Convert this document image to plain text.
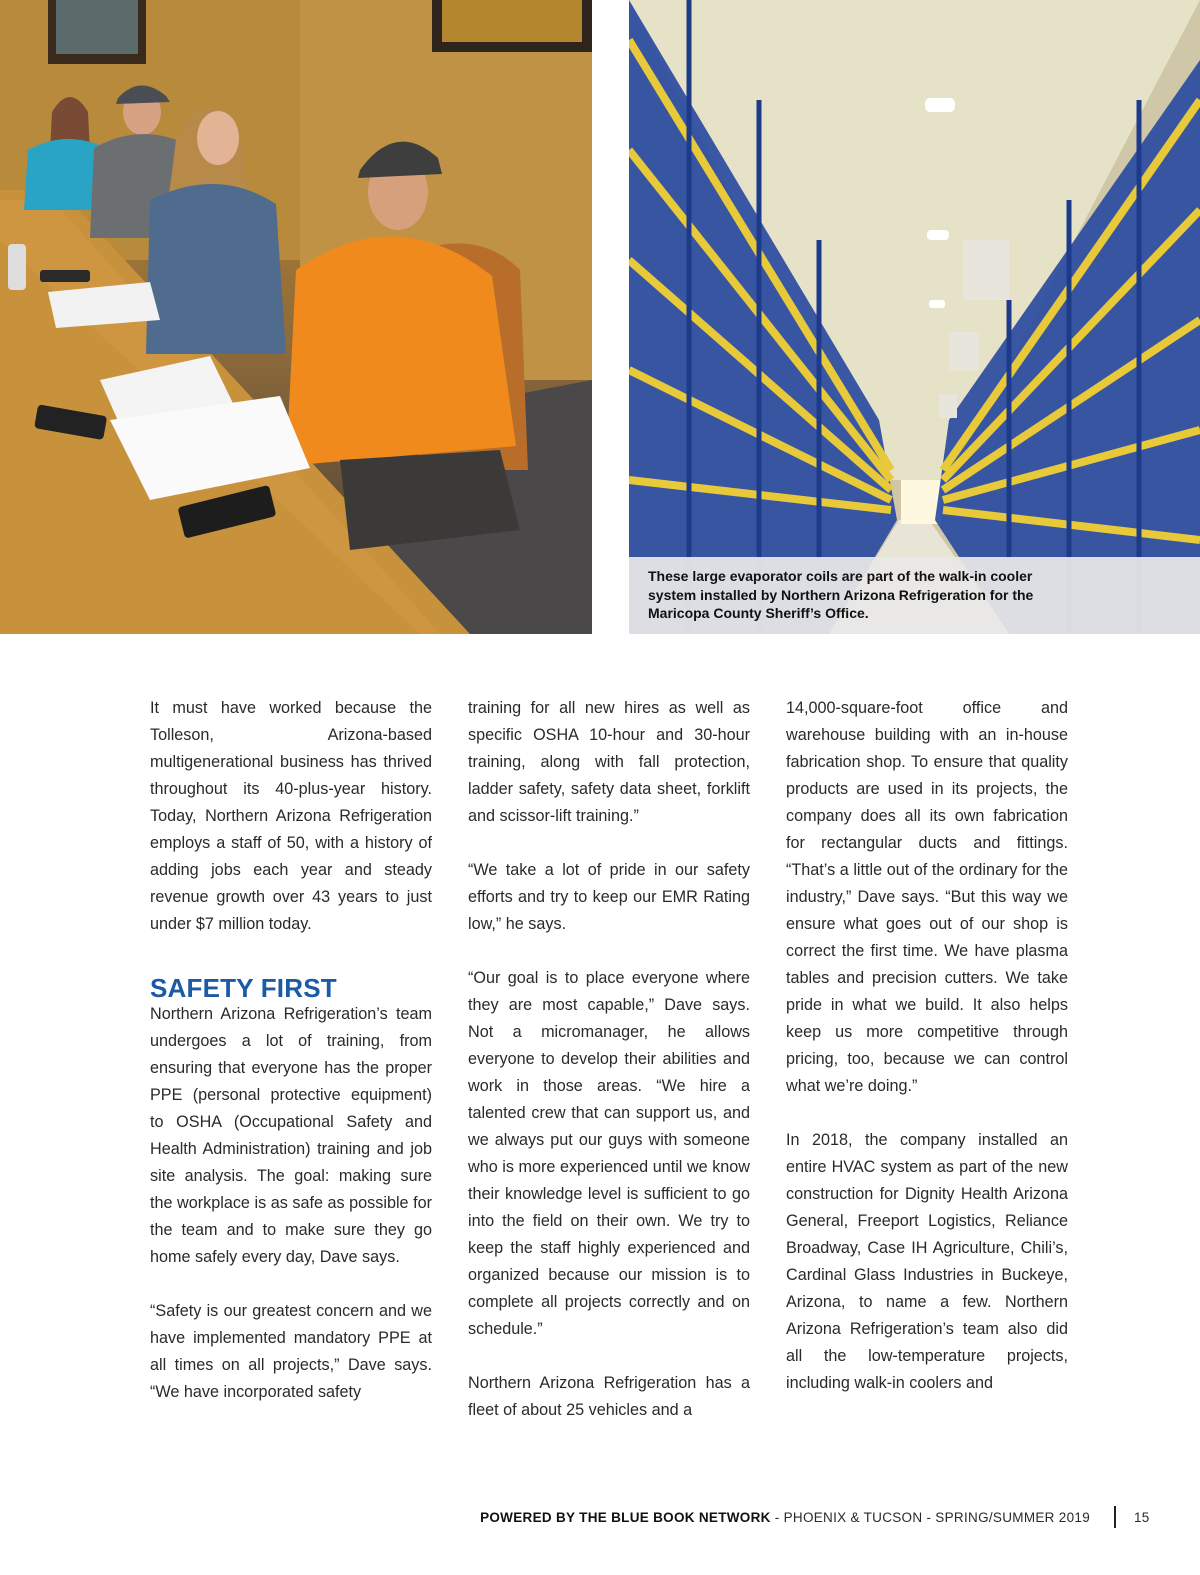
These large evaporator coils are part of the walk-in cooler system installed by Northern Arizona Refrigeration for the Maricopa County Sheriff’s Office.

It must have worked because the Tolleson, Arizona-based multigenerational business has thrived throughout its 40-plus-year history. Today, Northern Arizona Refrigeration employs a staff of 50, with a history of adding jobs each year and steady revenue growth over 43 years to just under $7 million today.

SAFETY FIRST

Northern Arizona Refrigeration’s team undergoes a lot of training, from ensuring that everyone has the proper PPE (personal protective equipment) to OSHA (Occupational Safety and Health Administration) training and job site analysis. The goal: making sure the workplace is as safe as possible for the team and to make sure they go home safely every day, Dave says.

“Safety is our greatest concern and we have implemented mandatory PPE at all times on all projects,” Dave says. “We have incorporated safety

training for all new hires as well as specific OSHA 10-hour and 30-hour training, along with fall protection, ladder safety, safety data sheet, forklift and scissor-lift training.”

“We take a lot of pride in our safety efforts and try to keep our EMR Rating low,” he says.

“Our goal is to place everyone where they are most capable,” Dave says. Not a micromanager, he allows everyone to develop their abilities and work in those areas. “We hire a talented crew that can support us, and we always put our guys with someone who is more experienced until we know their knowledge level is sufficient to go into the field on their own. We try to keep the staff highly experienced and organized because our mission is to complete all projects correctly and on schedule.”

Northern Arizona Refrigeration has a fleet of about 25 vehicles and a

14,000-square-foot office and warehouse building with an in-house fabrication shop. To ensure that quality products are used in its projects, the company does all its own fabrication for rectangular ducts and fittings. “That’s a little out of the ordinary for the industry,” Dave says. “But this way we ensure what goes out of our shop is correct the first time. We have plasma tables and precision cutters. We take pride in what we build. It also helps keep us more competitive through pricing, too, because we can control what we’re doing.”

In 2018, the company installed an entire HVAC system as part of the new construction for Dignity Health Arizona General, Freeport Logistics, Reliance Broadway, Case IH Agriculture, Chili’s, Cardinal Glass Industries in Buckeye, Arizona, to name a few. Northern Arizona Refrigeration’s team also did all the low-temperature projects, including walk-in coolers and

POWERED BY THE BLUE BOOK NETWORK - PHOENIX & TUCSON - SPRING/SUMMER 2019	15
